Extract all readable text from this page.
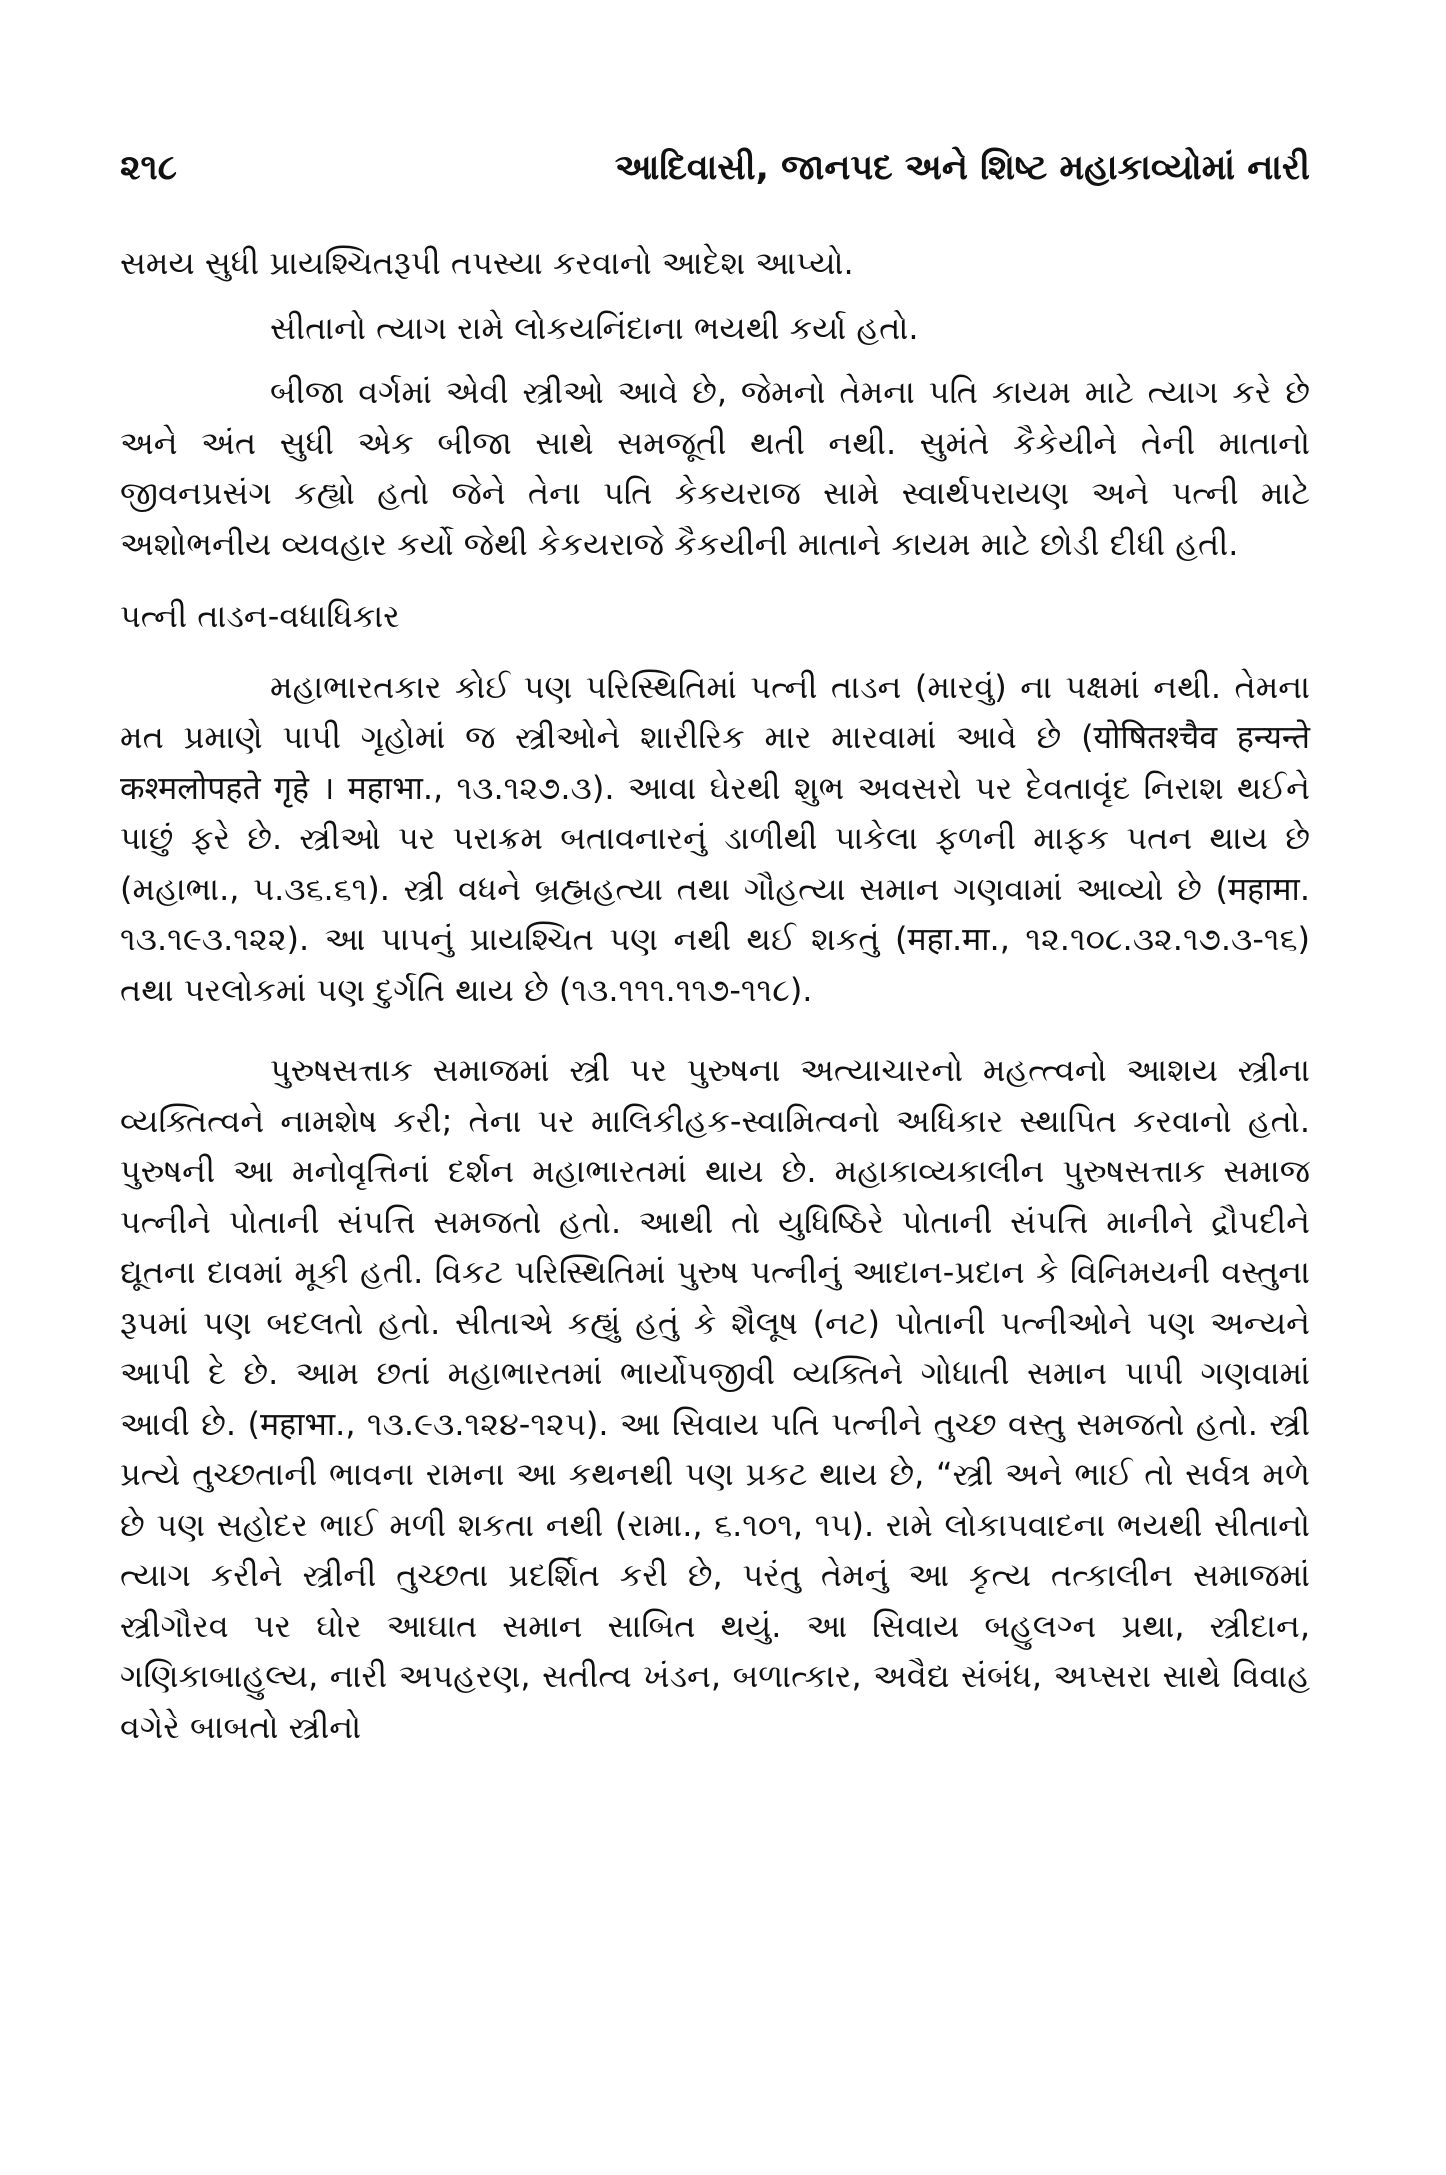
૨૧૮	આદિવાસી, જાનપદ અને શિષ્ટ મહાકાવ્યોમાં નારી

સમય સુધી પ્રાયશ્ચિતરૂપી તપસ્યા કરવાનો આદેશ આપ્યો.

સીતાનો ત્યાગ રામે લોકયનિંદાના ભયથી કર્યા હતો.

બીજા વર્ગમાં એવી સ્ત્રીઓ આવે છે, જેમનો તેમના પતિ કાયમ માટે ત્યાગ કરે છે અને અંત સુધી એક બીજા સાથે સમજૂતી થતી નથી. સુમંતે કૈકેયીને તેની માતાનો જીવનપ્રસંગ કહ્યો હતો જેને તેના પતિ કેકયરાજ સામે સ્વાર્થપરાયણ અને પત્ની માટે અશોભનીય વ્યવહાર કર્યો જેથી કેકયરાજે કૈકયીની માતાને કાયમ માટે છોડી દીધી હતી.

પત્ની તાડન-વધાધિકાર

મહાભારતકાર કોઈ પણ પરિસ્થિતિમાં પત્ની તાડન (મારવું) ના પક્ષમાં નથી. તેમના મત પ્રમાણે પાપી ગૃહોમાં જ સ્ત્રીઓને શારીરિક માર મારવામાં આવે છે (योषितश्चैव हन्यन्ते कश्मलोपहते गृहे । महाभा., ૧૩.૧૨૭.૩). આવા ઘેરથી શુભ અવસરો પર દેવતાવૃંદ નિરાશ થઈને પાછું ફરે છે. સ્ત્રીઓ પર પરાક્રમ બતાવનારનું ડાળીથી પાકેલા ફળની માફક પતન થાય છે (મહાભા., ૫.૩૬.૬૧). સ્ત્રી વધને બ્રહ્મહત્યા તથા ગૌહત્યા સમાન ગણવામાં આવ્યો છે (महामा. ૧૩.૧૯૩.૧૨૨). આ પાપનું પ્રાયશ્ચિત પણ નથી થઈ શકતું (महा.मा., ૧૨.૧૦૮.૩૨.૧૭.૩-૧૬) તથા પરલોકમાં પણ દુર્ગતિ થાય છે (૧૩.૧૧૧.૧૧૭-૧૧૮).

પુરુષસત્તાક સમાજમાં સ્ત્રી પર પુરુષના અત્યાચારનો મહત્ત્વનો આશય સ્ત્રીના વ્યક્તિત્વને નામશેષ કરી; તેના પર માલિકીહક-સ્વામિત્વનો અધિકાર સ્થાપિત કરવાનો હતો. પુરુષની આ મનોવૃત્તિનાં દર્શન મહાભારતમાં થાય છે. મહાકાવ્યકાલીન પુરુષસત્તાક સમાજ પત્નીને પોતાની સંપત્તિ સમજતો હતો. આથી તો યુધિષ્ઠિરે પોતાની સંપત્તિ માનીને દ્રૌપદીને દ્યૂતના દાવમાં મૂકી હતી. વિકટ પરિસ્થિતિમાં પુરુષ પત્નીનું આદાન-પ્રદાન કે વિનિમયની વસ્તુના રૂપમાં પણ બદલતો હતો. સીતાએ કહ્યું હતું કે શૈલૂષ (નટ) પોતાની પત્નીઓને પણ અન્યને આપી દે છે. આમ છતાં મહાભારતમાં ભાર્યોપજીવી વ્યક્તિને ગોધાતી સમાન પાપી ગણવામાં આવી છે. (महाभा., ૧૩.૯૩.૧૨૪-૧૨૫). આ સિવાય પતિ પત્નીને તુચ્છ વસ્તુ સમજતો હતો. સ્ત્રી પ્રત્યે તુચ્છતાની ભાવના રામના આ કથનથી પણ પ્રકટ થાય છે, “સ્ત્રી અને ભાઈ તો સર્વત્ર મળે છે પણ સહોદર ભાઈ મળી શકતા નથી (રામા., ૬.૧૦૧, ૧૫). રામે લોકાપવાદના ભયથી સીતાનો ત્યાગ કરીને સ્ત્રીની તુચ્છતા પ્રદર્શિત કરી છે, પરંતુ તેમનું આ કૃત્ય તત્કાલીન સમાજમાં સ્ત્રીગૌરવ પર ઘોર આઘાત સમાન સાબિત થયું. આ સિવાય બહુલગ્ન પ્રથા, સ્ત્રીદાન, ગણિકાબાહુલ્ય, નારી અપહરણ, સતીત્વ ખંડન, બળાત્કાર, અવૈદ્ય સંબંધ, અપ્સરા સાથે વિવાહ વગેરે બાબતો સ્ત્રીનો
